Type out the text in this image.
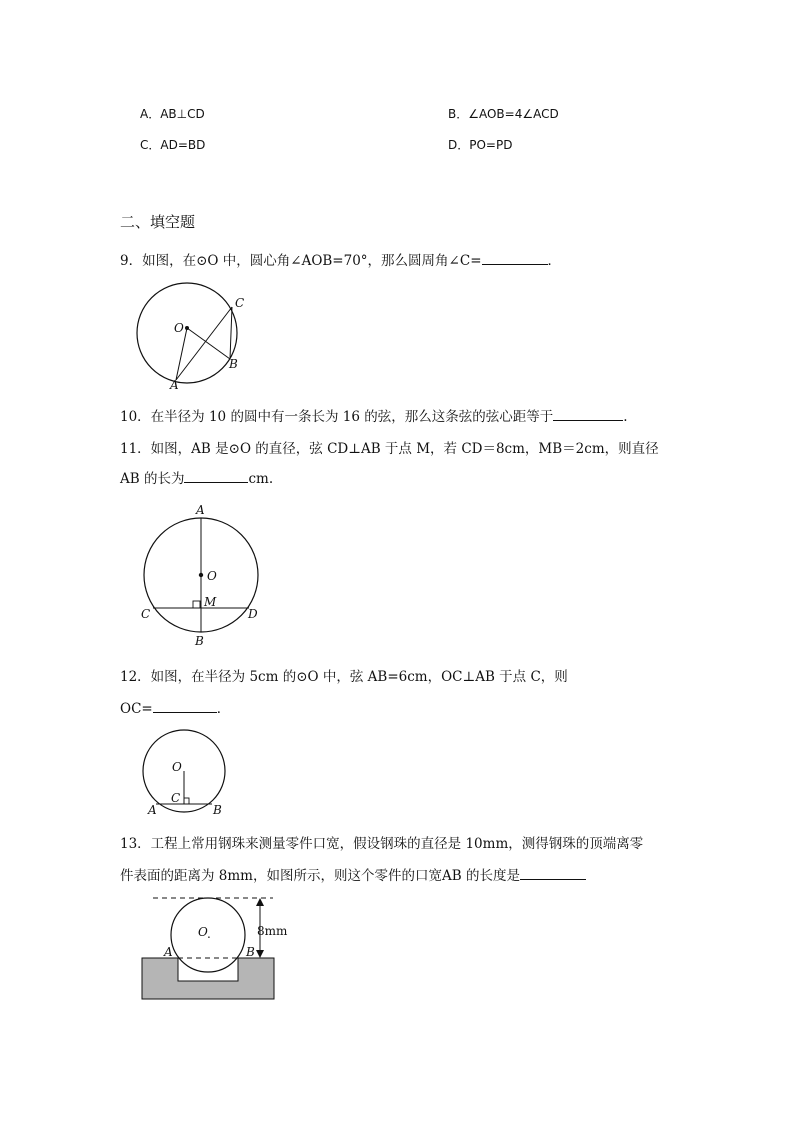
A．AB⊥CD	B．∠AOB=4∠ACD
C．AD=BD	D．PO=PD
二、填空题
9．如图，在⊙O 中，圆心角∠AOB=70°，那么圆周角∠C=	．
O
A
B
C
10．在半径为 10 的圆中有一条长为 16 的弦，那么这条弦的弦心距等于	.
11．如图，AB 是⊙O 的直径，弦 CD⊥AB 于点 M，若 CD＝8cm，MB＝2cm，则直径
AB 的长为	cm.
A
O
M
C	D
B
12．如图，在半径为 5cm 的⊙O 中，弦 AB=6cm，OC⊥AB 于点 C，则
OC=	．
O
C
A	B
13．工程上常用钢珠来测量零件口宽，假设钢珠的直径是 10mm，测得钢珠的顶端离零
件表面的距离为 8mm，如图所示，则这个零件的口宽AB 的长度是
O .
A	B
8mm
